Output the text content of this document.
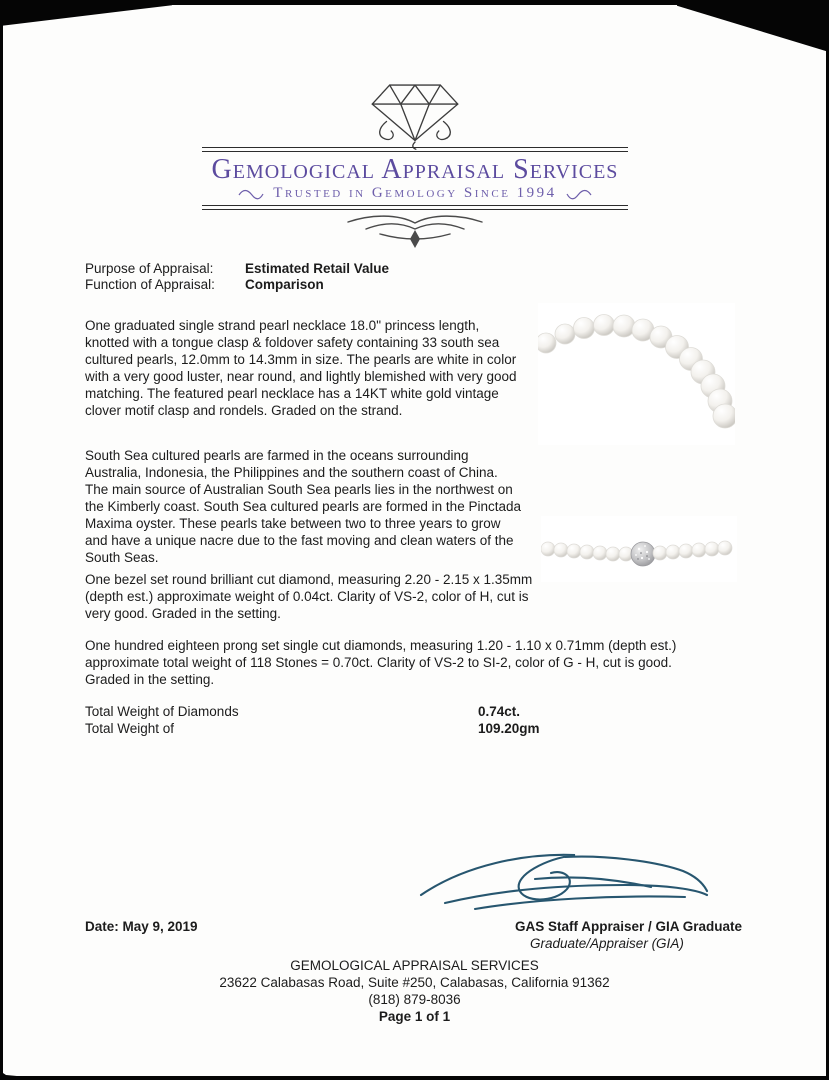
Gemological Appraisal Services
Trusted in Gemology Since 1994
Purpose of Appraisal: Estimated Retail Value
Function of Appraisal: Comparison

One graduated single strand pearl necklace 18.0" princess length, knotted with a tongue clasp & foldover safety containing 33 south sea cultured pearls, 12.0mm to 14.3mm in size. The pearls are white in color with a very good luster, near round, and lightly blemished with very good matching. The featured pearl necklace has a 14KT white gold vintage clover motif clasp and rondels. Graded on the strand.

South Sea cultured pearls are farmed in the oceans surrounding Australia, Indonesia, the Philippines and the southern coast of China. The main source of Australian South Sea pearls lies in the northwest on the Kimberly coast. South Sea cultured pearls are formed in the Pinctada Maxima oyster. These pearls take between two to three years to grow and have a unique nacre due to the fast moving and clean waters of the South Seas.

One bezel set round brilliant cut diamond, measuring 2.20 - 2.15 x 1.35mm (depth est.) approximate weight of 0.04ct. Clarity of VS-2, color of H, cut is very good. Graded in the setting.

One hundred eighteen prong set single cut diamonds, measuring 1.20 - 1.10 x 0.71mm (depth est.) approximate total weight of 118 Stones = 0.70ct. Clarity of VS-2 to SI-2, color of G - H, cut is good. Graded in the setting.

Total Weight of Diamonds	0.74ct.
Total Weight of	109.20gm
Date: May 9, 2019	GAS Staff Appraiser / GIA Graduate
Graduate/Appraiser (GIA)
GEMOLOGICAL APPRAISAL SERVICES
23622 Calabasas Road, Suite #250, Calabasas, California 91362
(818) 879-8036
Page 1 of 1
